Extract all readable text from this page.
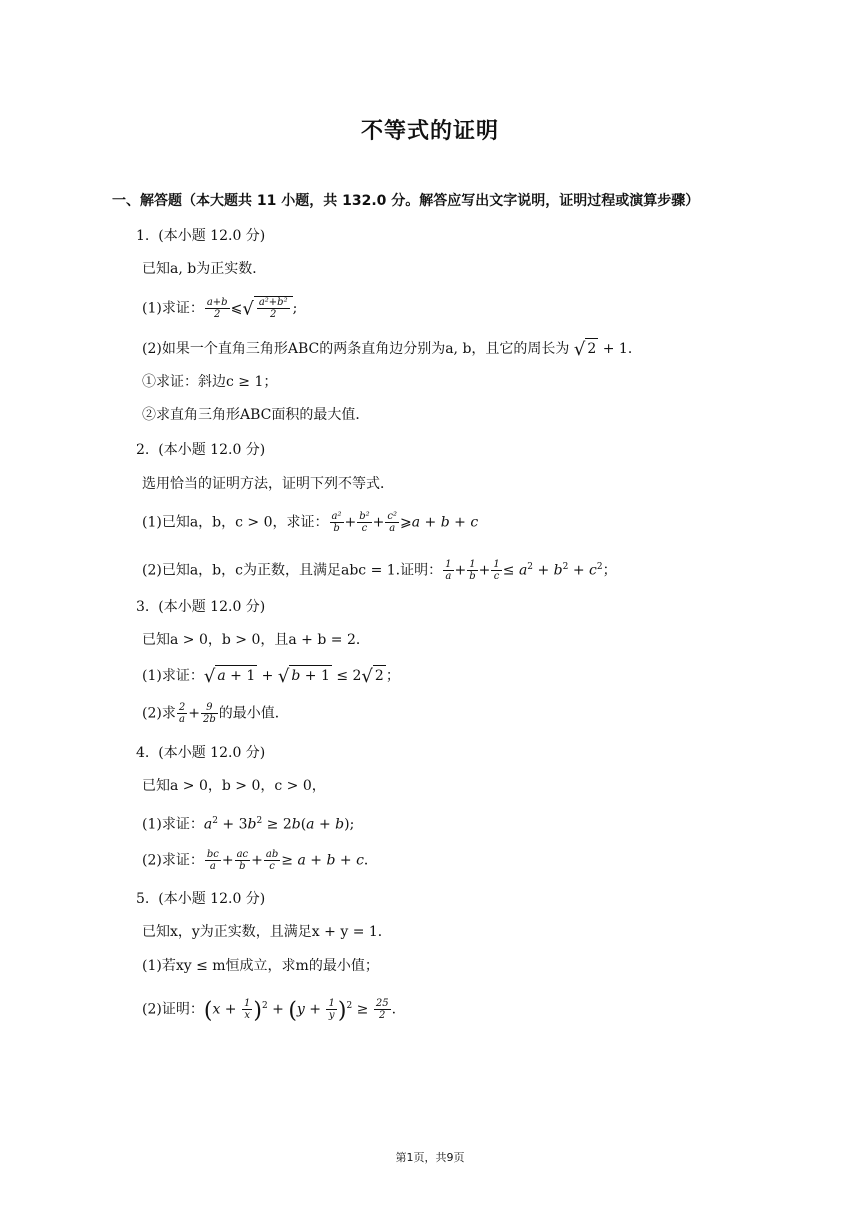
不等式的证明
一、解答题（本大题共 11 小题，共 132.0 分。解答应写出文字说明，证明过程或演算步骤）
1. (本小题 12.0 分)
已知a, b为正实数．
(1)求证： $\frac{a+b}{2}$ ⩽√ $\frac{\text{a²+b²}}{2}$ ;
(2)如果一个直角三角形ABC的两条直角边分别为a, b，且它的周长为 √ 2 + 1．
①求证：斜边c ≥ 1；
②求直角三角形ABC面积的最大值．
2. (本小题 12.0 分)
选用恰当的证明方法，证明下列不等式．
(1)已知a，b，c > 0，求证： $\frac{\text{a²}}{b} + \frac{\text{b²}}{c} + \frac{\text{c²}}{a}$ ⩾a + b + c
(2)已知a，b，c为正数，且满足abc = 1.证明： $\frac{1}{a} + \frac{1}{b} + \frac{1}{c} \le a^2 + b^2 + c^2$；
3. (本小题 12.0 分)
已知a > 0，b > 0，且a + b = 2．
(1)求证：√ a + 1 + √ b + 1 ≤ 2√ 2 ；
(2)求 $\frac{2}{a} + \frac{9}{2b}$ 的最小值．
4. (本小题 12.0 分)
已知a > 0，b > 0，c > 0，
(1)求证：$a^2 + 3b^2 \ge 2b(a + b)$;
(2)求证： $\frac{bc}{a} + \frac{ac}{b} + \frac{ab}{c} \ge a + b + c$．
5. (本小题 12.0 分)
已知x，y为正实数，且满足x + y = 1．
(1)若xy ≤ m恒成立，求m的最小值；
(2)证明：$(x + \frac{1}{x} )^2 + (y + \frac{1}{y} )^2 \ge \frac{25}{2}$ .
第1页，共9页
